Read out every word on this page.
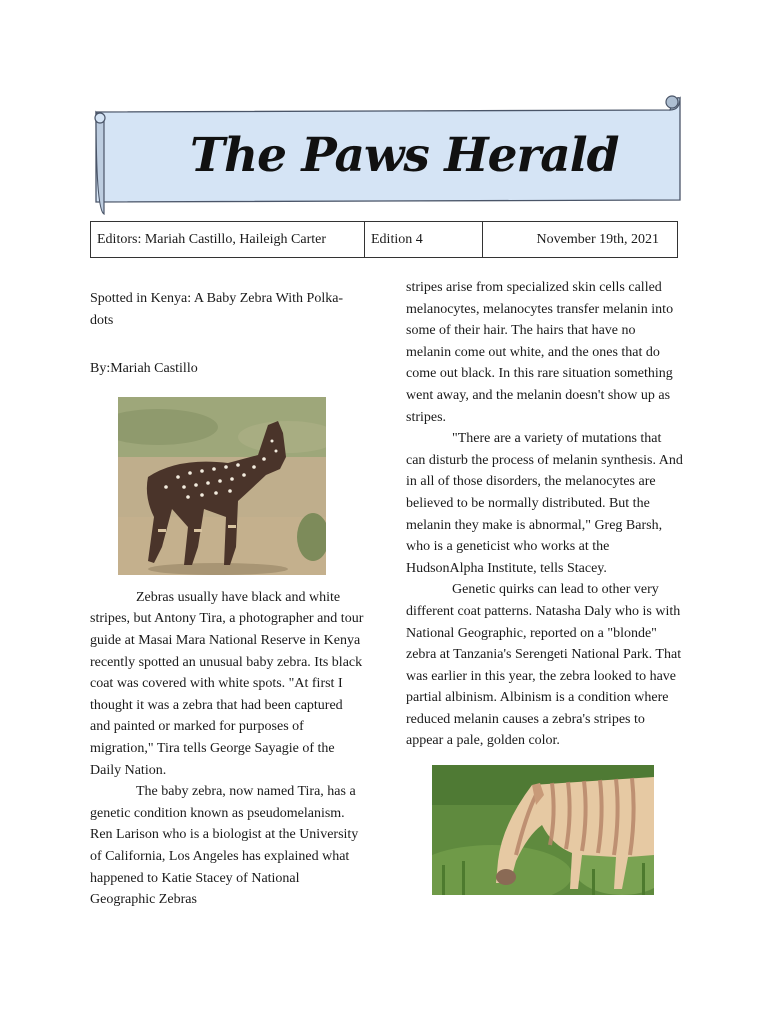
The Paws Herald
Editors: Mariah Castillo, Haileigh Carter	Edition 4	November 19th, 2021

Spotted in Kenya: A Baby Zebra With Polka-dots

By:Mariah Castillo

Zebras usually have black and white stripes, but Antony Tira, a photographer and tour guide at Masai Mara National Reserve in Kenya recently spotted an unusual baby zebra. Its black coat was covered with white spots. "At first I thought it was a zebra that had been captured and painted or marked for purposes of migration," Tira tells George Sayagie of the Daily Nation.

The baby zebra, now named Tira, has a genetic condition known as pseudomelanism. Ren Larison who is a biologist at the University of California, Los Angeles has explained what happened to Katie Stacey of National Geographic Zebras

stripes arise from specialized skin cells called melanocytes, melanocytes transfer melanin into some of their hair. The hairs that have no melanin come out white, and the ones that do come out black. In this rare situation something went away, and the melanin doesn't show up as stripes.

"There are a variety of mutations that can disturb the process of melanin synthesis. And in all of those disorders, the melanocytes are believed to be normally distributed. But the melanin they make is abnormal," Greg Barsh, who is a geneticist who works at the HudsonAlpha Institute, tells Stacey.

Genetic quirks can lead to other very different coat patterns. Natasha Daly who is with National Geographic, reported on a "blonde" zebra at Tanzania's Serengeti National Park. That was earlier in this year, the zebra looked to have partial albinism. Albinism is a condition where reduced melanin causes a zebra's stripes to appear a pale, golden color.
